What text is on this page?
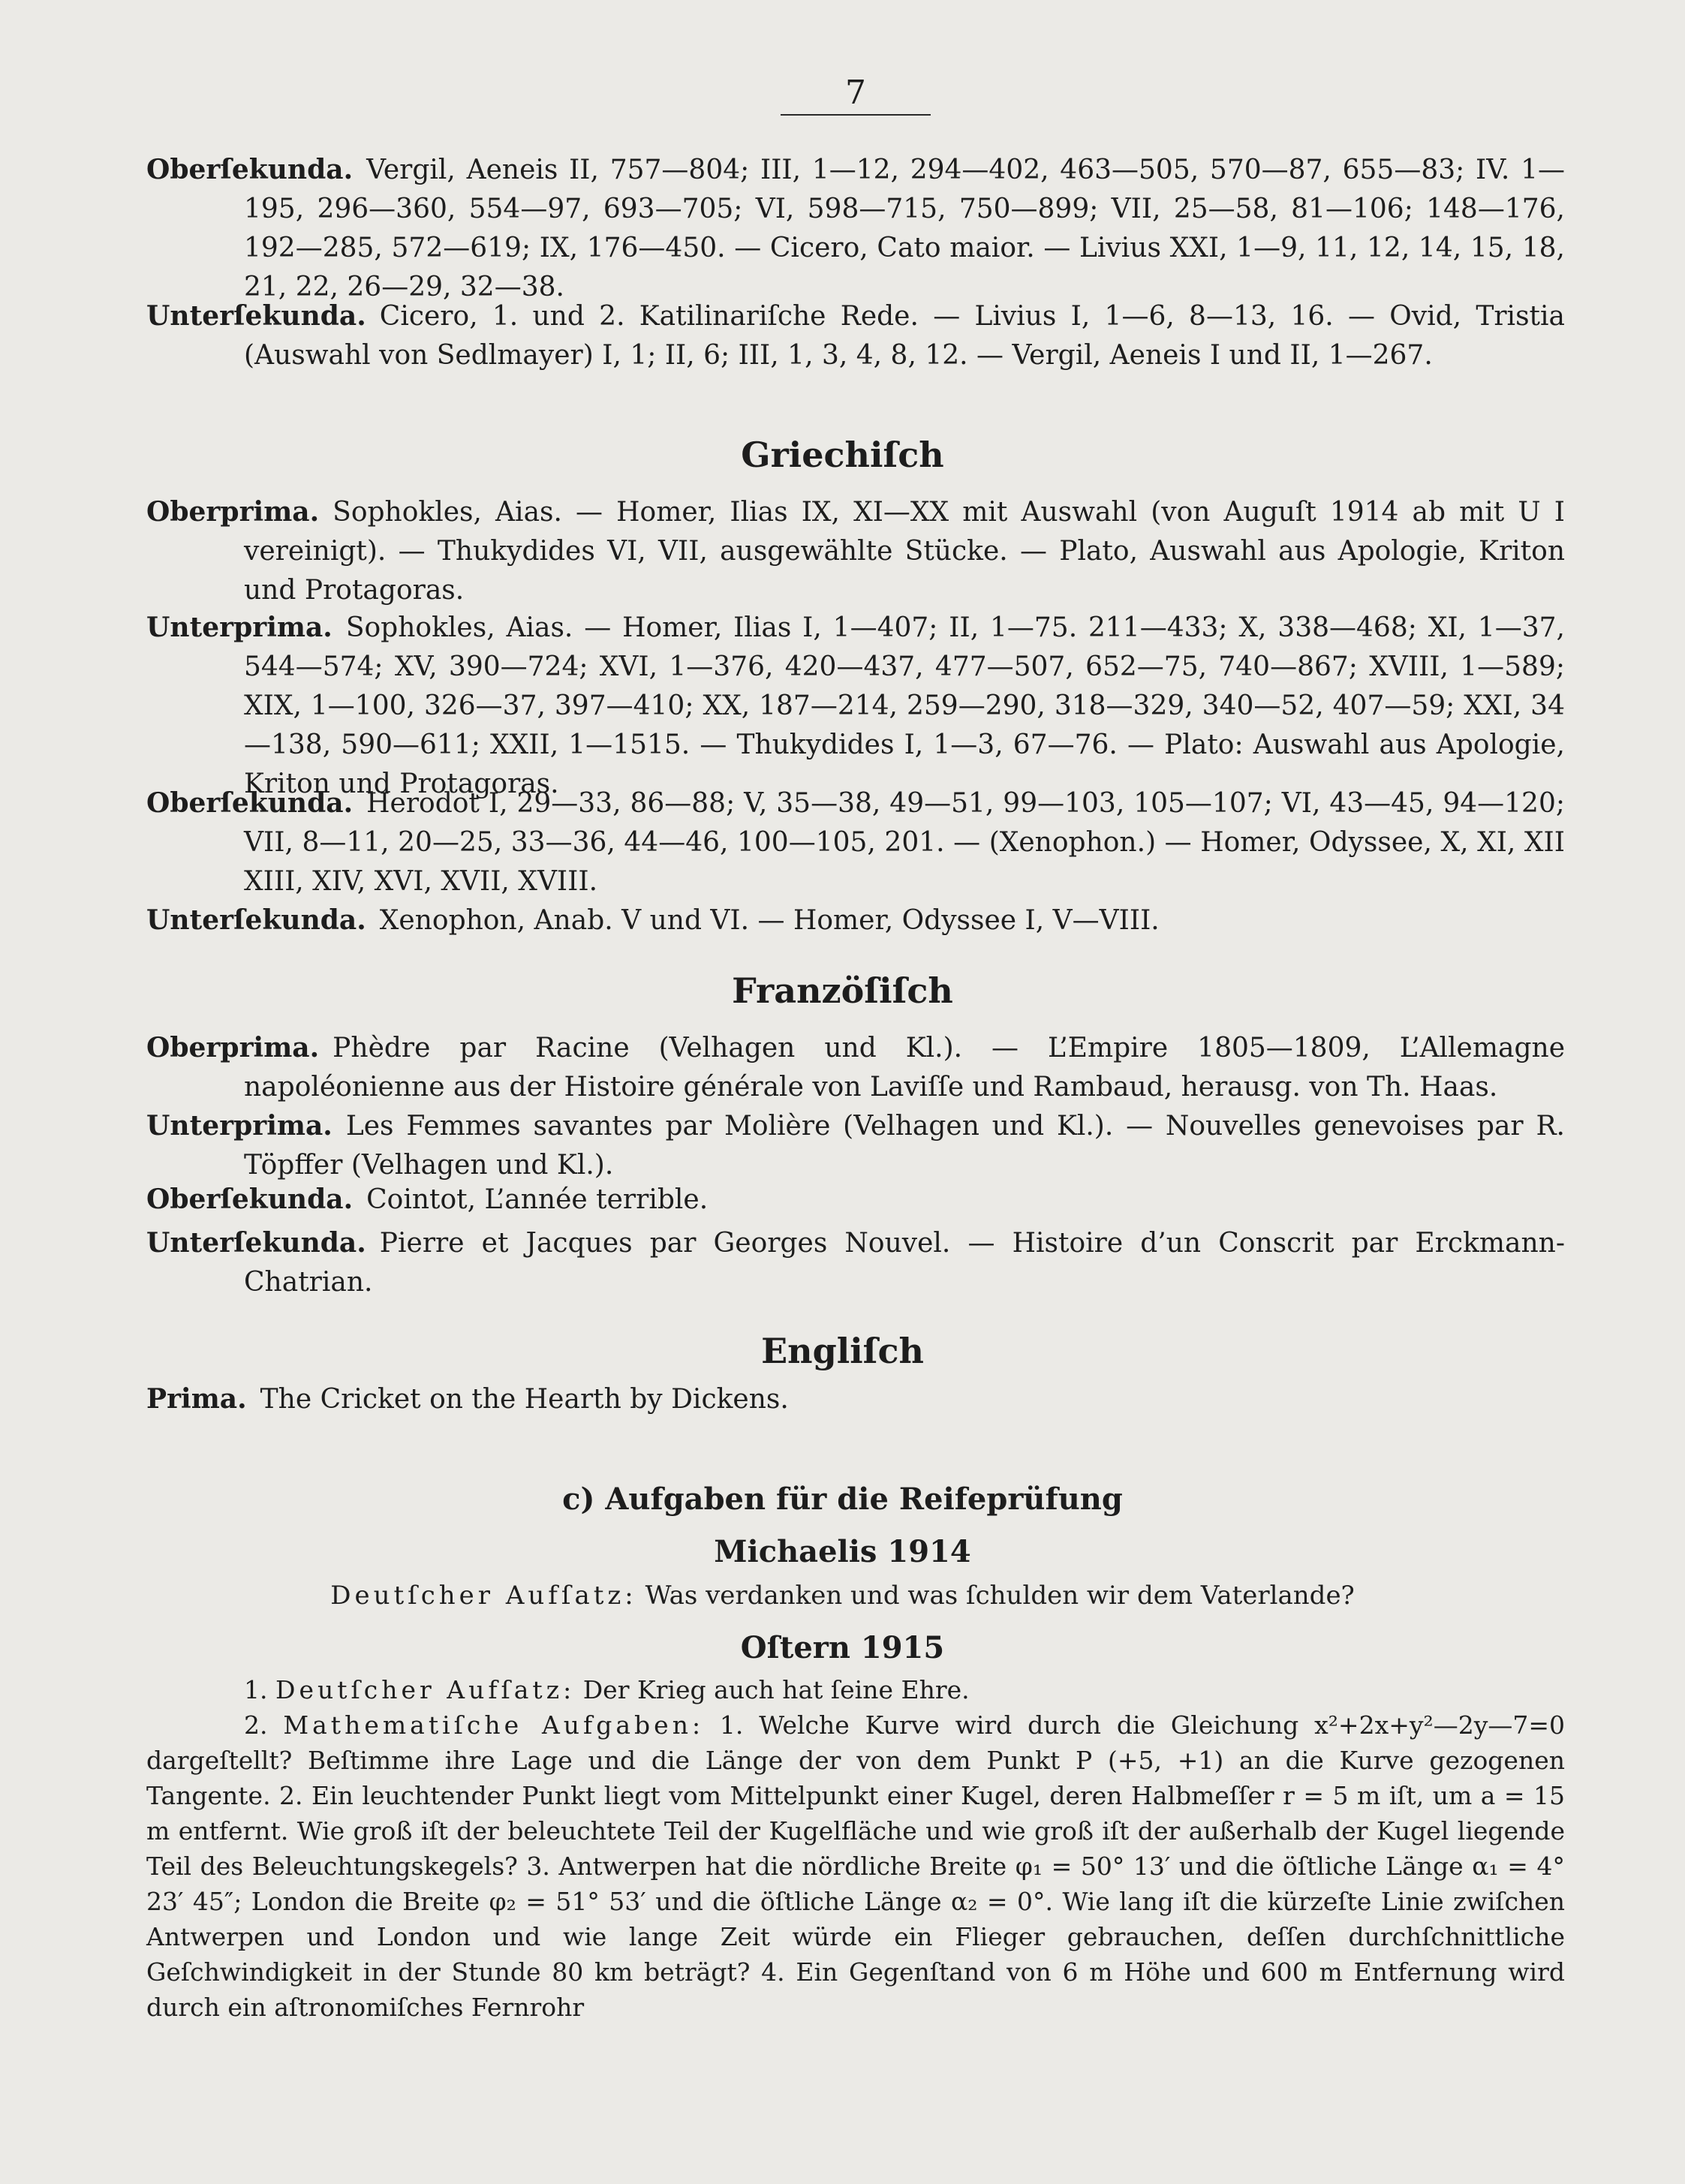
7
Oberſekunda. Vergil, Aeneis II, 757—804; III, 1—12, 294—402, 463—505, 570—87, 655—83; IV. 1—195, 296—360, 554—97, 693—705; VI, 598—715, 750—899; VII, 25—58, 81—106; 148—176, 192—285, 572—619; IX, 176—450. — Cicero, Cato maior. — Livius XXI, 1—9, 11, 12, 14, 15, 18, 21, 22, 26—29, 32—38.
Unterſekunda. Cicero, 1. und 2. Katilinariſche Rede. — Livius I, 1—6, 8—13, 16. — Ovid, Tristia (Auswahl von Sedlmayer) I, 1; II, 6; III, 1, 3, 4, 8, 12. — Vergil, Aeneis I und II, 1—267.
Griechiſch
Oberprima. Sophokles, Aias. — Homer, Ilias IX, XI—XX mit Auswahl (von Auguſt 1914 ab mit U I vereinigt). — Thukydides VI, VII, ausgewählte Stücke. — Plato, Auswahl aus Apologie, Kriton und Protagoras.
Unterprima. Sophokles, Aias. — Homer, Ilias I, 1—407; II, 1—75. 211—433; X, 338—468; XI, 1—37, 544—574; XV, 390—724; XVI, 1—376, 420—437, 477—507, 652—75, 740—867; XVIII, 1—589; XIX, 1—100, 326—37, 397—410; XX, 187—214, 259—290, 318—329, 340—52, 407—59; XXI, 34—138, 590—611; XXII, 1—1515. — Thukydides I, 1—3, 67—76. — Plato: Auswahl aus Apologie, Kriton und Protagoras.
Oberſekunda. Herodot I, 29—33, 86—88; V, 35—38, 49—51, 99—103, 105—107; VI, 43—45, 94—120; VII, 8—11, 20—25, 33—36, 44—46, 100—105, 201. — (Xenophon.) — Homer, Odyssee, X, XI, XII XIII, XIV, XVI, XVII, XVIII.
Unterſekunda. Xenophon, Anab. V und VI. — Homer, Odyssee I, V—VIII.
Franzöſiſch
Oberprima. Phèdre par Racine (Velhagen und Kl.). — L’Empire 1805—1809, L’Allemagne napoléonienne aus der Histoire générale von Laviſſe und Rambaud, herausg. von Th. Haas.
Unterprima. Les Femmes savantes par Molière (Velhagen und Kl.). — Nouvelles genevoises par R. Töpffer (Velhagen und Kl.).
Oberſekunda. Cointot, L’année terrible.
Unterſekunda. Pierre et Jacques par Georges Nouvel. — Histoire d’un Conscrit par Erckmann-Chatrian.
Engliſch
Prima. The Cricket on the Hearth by Dickens.
c) Aufgaben für die Reifeprüfung
Michaelis 1914
Deutſcher Aufſatz: Was verdanken und was ſchulden wir dem Vaterlande?
Oſtern 1915

1. Deutſcher Aufſatz: Der Krieg auch hat ſeine Ehre.

2. Mathematiſche Aufgaben: 1. Welche Kurve wird durch die Gleichung x²+2x+y²—2y—7=0 dargeſtellt? Beſtimme ihre Lage und die Länge der von dem Punkt P (+5, +1) an die Kurve gezogenen Tangente. 2. Ein leuchtender Punkt liegt vom Mittelpunkt einer Kugel, deren Halbmeſſer r = 5 m iſt, um a = 15 m entfernt. Wie groß iſt der beleuchtete Teil der Kugelfläche und wie groß iſt der außerhalb der Kugel liegende Teil des Beleuchtungskegels? 3. Antwerpen hat die nördliche Breite φ₁ = 50° 13′ und die öſtliche Länge α₁ = 4° 23′ 45″; London die Breite φ₂ = 51° 53′ und die öſtliche Länge α₂ = 0°. Wie lang iſt die kürzeſte Linie zwiſchen Antwerpen und London und wie lange Zeit würde ein Flieger gebrauchen, deſſen durchſchnittliche Geſchwindigkeit in der Stunde 80 km beträgt? 4. Ein Gegenſtand von 6 m Höhe und 600 m Entfernung wird durch ein aſtronomiſches Fernrohr
